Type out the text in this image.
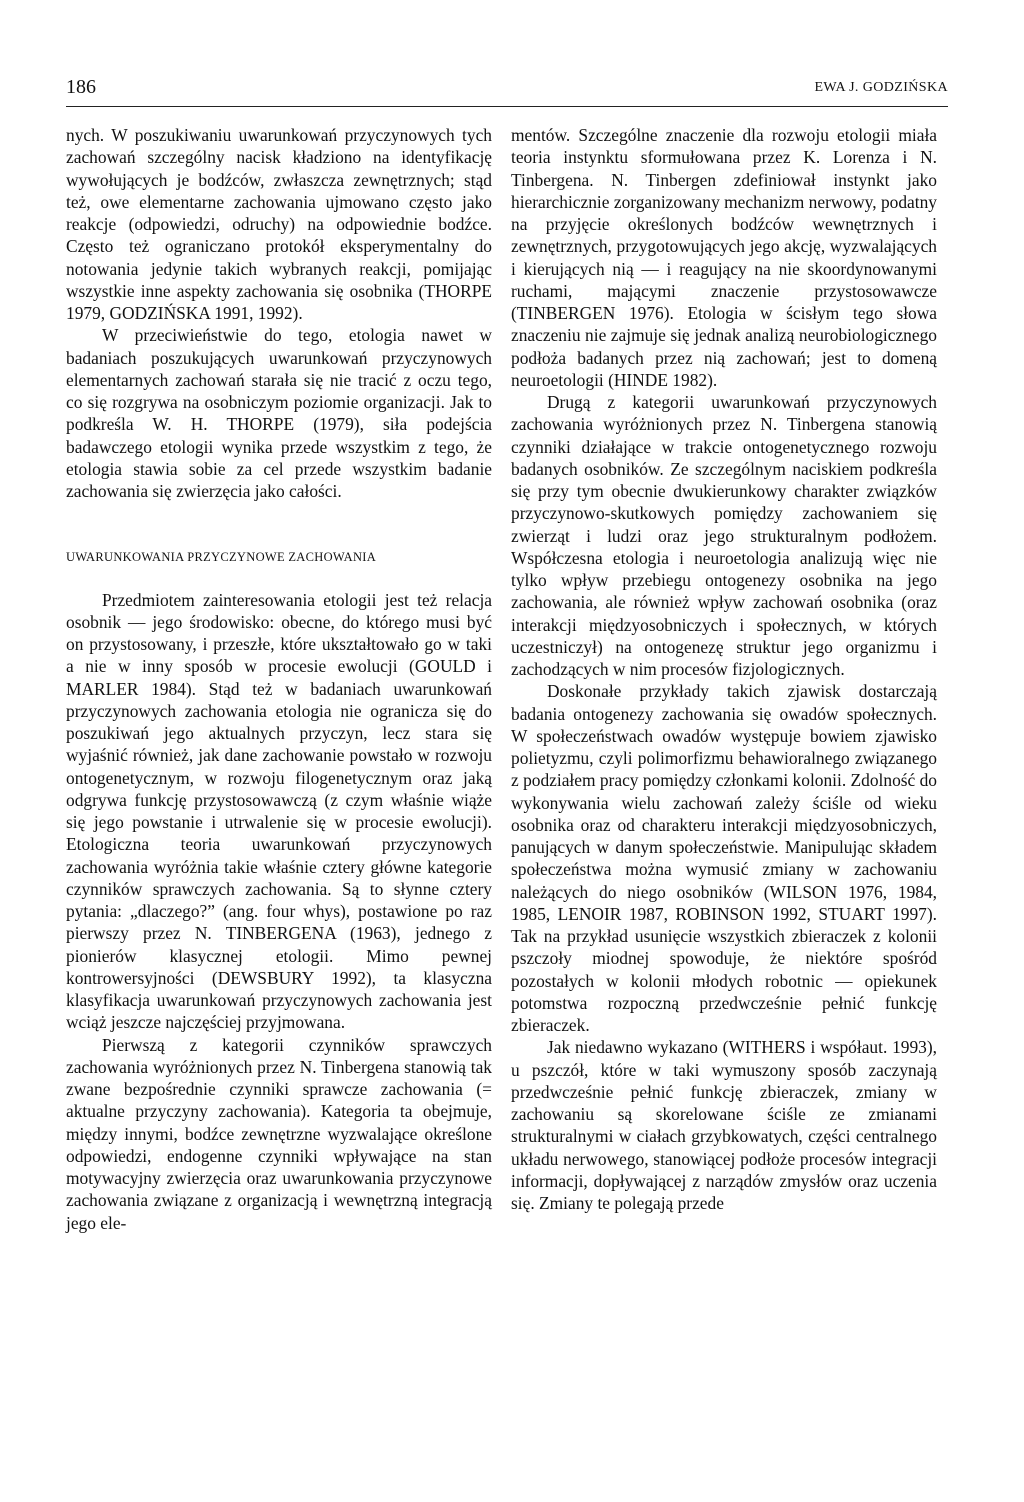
186	EWA J. GODZIŃSKA

nych. W poszukiwaniu uwarunkowań przyczynowych tych zachowań szczególny nacisk kładziono na identyfikację wywołujących je bodźców, zwłaszcza zewnętrznych; stąd też, owe elementarne zachowania ujmowano często jako reakcje (odpowiedzi, odruchy) na odpowiednie bodźce. Często też ograniczano protokół eksperymentalny do notowania jedynie takich wybranych reakcji, pomijając wszystkie inne aspekty zachowania się osobnika (THORPE 1979, GODZIŃSKA 1991, 1992).

W przeciwieństwie do tego, etologia nawet w badaniach poszukujących uwarunkowań przyczynowych elementarnych zachowań starała się nie tracić z oczu tego, co się rozgrywa na osobniczym poziomie organizacji. Jak to podkreśla W. H. THORPE (1979), siła podejścia badawczego etologii wynika przede wszystkim z tego, że etologia stawia sobie za cel przede wszystkim badanie zachowania się zwierzęcia jako całości.

UWARUNKOWANIA PRZYCZYNOWE ZACHOWANIA

Przedmiotem zainteresowania etologii jest też relacja osobnik — jego środowisko: obecne, do którego musi być on przystosowany, i przeszłe, które ukształtowało go w taki a nie w inny sposób w procesie ewolucji (GOULD i MARLER 1984). Stąd też w badaniach uwarunkowań przyczynowych zachowania etologia nie ogranicza się do poszukiwań jego aktualnych przyczyn, lecz stara się wyjaśnić również, jak dane zachowanie powstało w rozwoju ontogenetycznym, w rozwoju filogenetycznym oraz jaką odgrywa funkcję przystosowawczą (z czym właśnie wiąże się jego powstanie i utrwalenie się w procesie ewolucji). Etologiczna teoria uwarunkowań przyczynowych zachowania wyróżnia takie właśnie cztery główne kategorie czynników sprawczych zachowania. Są to słynne cztery pytania: „dlaczego?” (ang. four whys), postawione po raz pierwszy przez N. TINBERGENA (1963), jednego z pionierów klasycznej etologii. Mimo pewnej kontrowersyjności (DEWSBURY 1992), ta klasyczna klasyfikacja uwarunkowań przyczynowych zachowania jest wciąż jeszcze najczęściej przyjmowana.

Pierwszą z kategorii czynników sprawczych zachowania wyróżnionych przez N. Tinbergena stanowią tak zwane bezpośrednie czynniki sprawcze zachowania (= aktualne przyczyny zachowania). Kategoria ta obejmuje, między innymi, bodźce zewnętrzne wyzwalające określone odpowiedzi, endogenne czynniki wpływające na stan motywacyjny zwierzęcia oraz uwarunkowania przyczynowe zachowania związane z organizacją i wewnętrzną integracją jego ele-

mentów. Szczególne znaczenie dla rozwoju etologii miała teoria instynktu sformułowana przez K. Lorenza i N. Tinbergena. N. Tinbergen zdefiniował instynkt jako hierarchicznie zorganizowany mechanizm nerwowy, podatny na przyjęcie określonych bodźców wewnętrznych i zewnętrznych, przygotowujących jego akcję, wyzwalających i kierujących nią — i reagujący na nie skoordynowanymi ruchami, mającymi znaczenie przystosowawcze (TINBERGEN 1976). Etologia w ścisłym tego słowa znaczeniu nie zajmuje się jednak analizą neurobiologicznego podłoża badanych przez nią zachowań; jest to domeną neuroetologii (HINDE 1982).

Drugą z kategorii uwarunkowań przyczynowych zachowania wyróżnionych przez N. Tinbergena stanowią czynniki działające w trakcie ontogenetycznego rozwoju badanych osobników. Ze szczególnym naciskiem podkreśla się przy tym obecnie dwukierunkowy charakter związków przyczynowo-skutkowych pomiędzy zachowaniem się zwierząt i ludzi oraz jego strukturalnym podłożem. Współczesna etologia i neuroetologia analizują więc nie tylko wpływ przebiegu ontogenezy osobnika na jego zachowania, ale również wpływ zachowań osobnika (oraz interakcji międzyosobniczych i społecznych, w których uczestniczył) na ontogenezę struktur jego organizmu i zachodzących w nim procesów fizjologicznych.

Doskonałe przykłady takich zjawisk dostarczają badania ontogenezy zachowania się owadów społecznych. W społeczeństwach owadów występuje bowiem zjawisko polietyzmu, czyli polimorfizmu behawioralnego związanego z podziałem pracy pomiędzy członkami kolonii. Zdolność do wykonywania wielu zachowań zależy ściśle od wieku osobnika oraz od charakteru interakcji międzyosobniczych, panujących w danym społeczeństwie. Manipulując składem społeczeństwa można wymusić zmiany w zachowaniu należących do niego osobników (WILSON 1976, 1984, 1985, LENOIR 1987, ROBINSON 1992, STUART 1997). Tak na przykład usunięcie wszystkich zbieraczek z kolonii pszczoły miodnej spowoduje, że niektóre spośród pozostałych w kolonii młodych robotnic — opiekunek potomstwa rozpoczną przedwcześnie pełnić funkcję zbieraczek.

Jak niedawno wykazano (WITHERS i współaut. 1993), u pszczół, które w taki wymuszony sposób zaczynają przedwcześnie pełnić funkcję zbieraczek, zmiany w zachowaniu są skorelowane ściśle ze zmianami strukturalnymi w ciałach grzybkowatych, części centralnego układu nerwowego, stanowiącej podłoże procesów integracji informacji, dopływającej z narządów zmysłów oraz uczenia się. Zmiany te polegają przede
